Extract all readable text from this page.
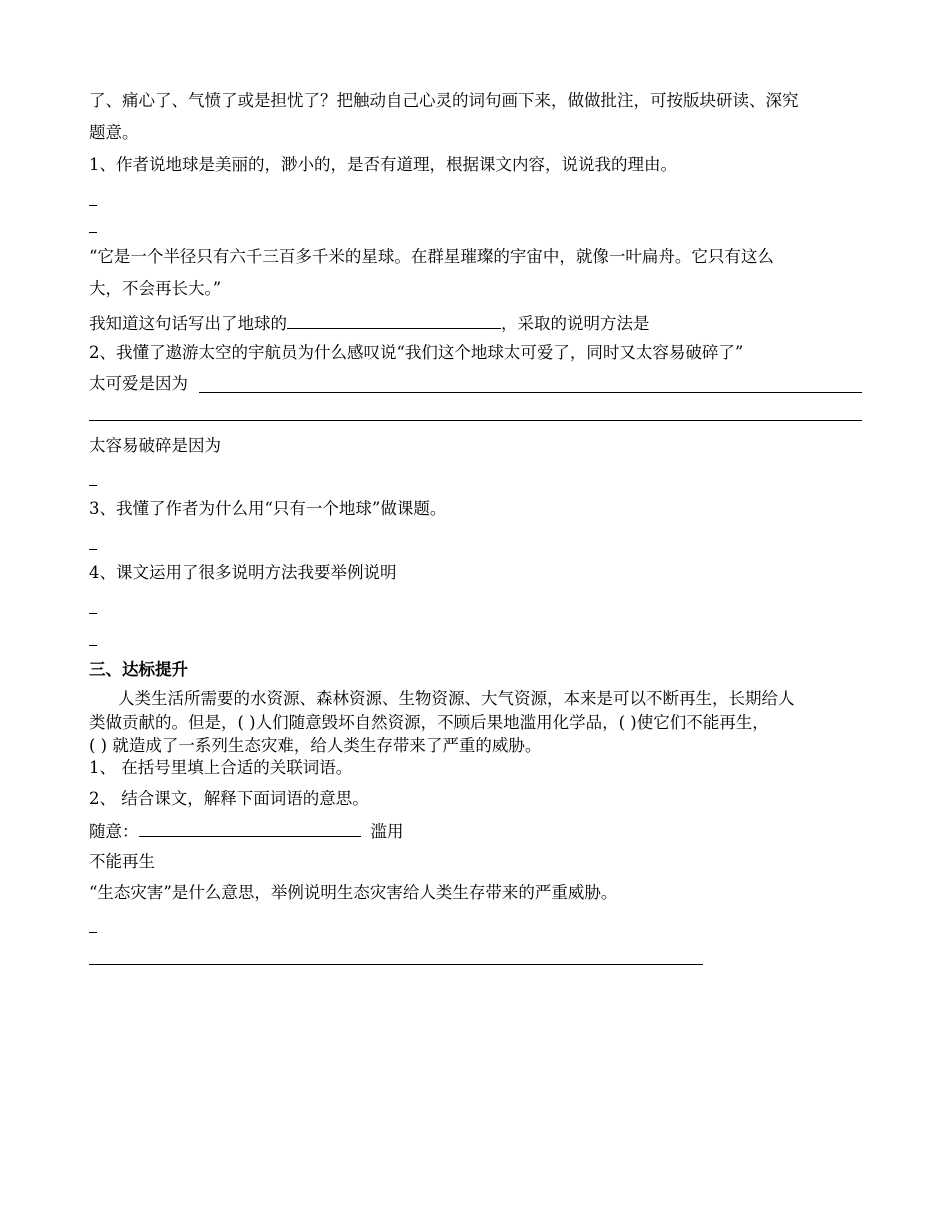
了、痛心了、气愤了或是担忧了？把触动自己心灵的词句画下来，做做批注，可按版块研读、深究
题意。
1、作者说地球是美丽的，渺小的，是否有道理，根据课文内容，说说我的理由。
“它是一个半径只有六千三百多千米的星球。在群星璀璨的宇宙中，就像一叶扁舟。它只有这么
大，不会再长大。”
我知道这句话写出了地球的	，采取的说明方法是
2、我懂了遨游太空的宇航员为什么感叹说“我们这个地球太可爱了，同时又太容易破碎了”
太可爱是因为
太容易破碎是因为
3、我懂了作者为什么用“只有一个地球”做课题。
4、课文运用了很多说明方法我要举例说明
三、达标提升
人类生活所需要的水资源、森林资源、生物资源、大气资源，本来是可以不断再生，长期给人
类做贡献的。但是，( )人们随意毁坏自然资源，不顾后果地滥用化学品，( )使它们不能再生，
( ) 就造成了一系列生态灾难，给人类生存带来了严重的威胁。
1、 在括号里填上合适的关联词语。
2、 结合课文，解释下面词语的意思。
随意：	滥用
不能再生
“生态灾害”是什么意思，举例说明生态灾害给人类生存带来的严重威胁。
